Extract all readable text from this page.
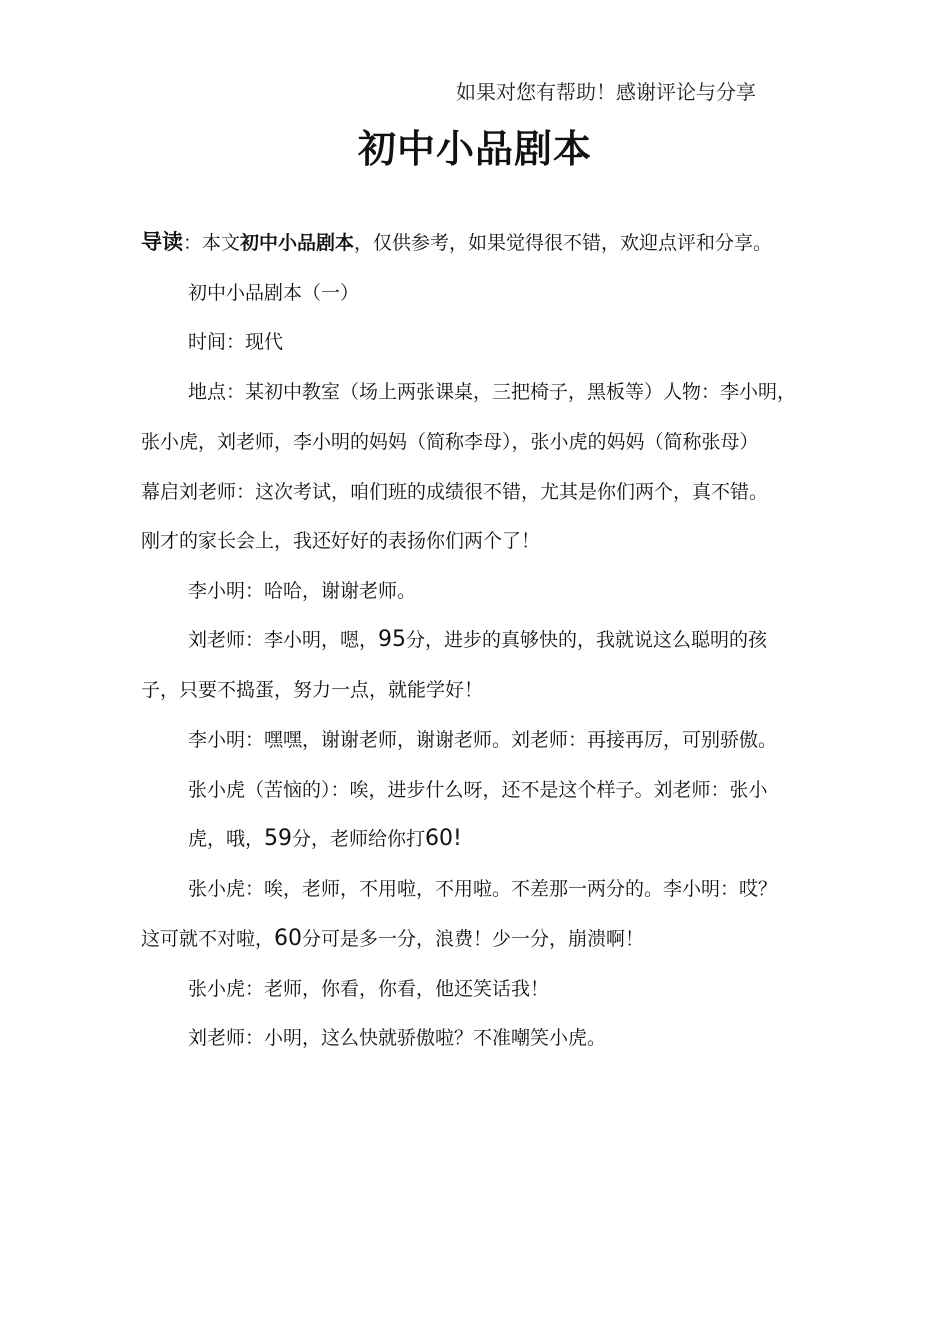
如果对您有帮助！感谢评论与分享
初中小品剧本
导读：本文初中小品剧本，仅供参考，如果觉得很不错，欢迎点评和分享。
初中小品剧本（一）
时间：现代
地点：某初中教室（场上两张课桌，三把椅子，黑板等）人物：李小明，
张小虎，刘老师，李小明的妈妈（简称李母），张小虎的妈妈（简称张母）
幕启刘老师：这次考试，咱们班的成绩很不错，尤其是你们两个，真不错。
刚才的家长会上，我还好好的表扬你们两个了！
李小明：哈哈，谢谢老师。
刘老师：李小明，嗯，95分，进步的真够快的，我就说这么聪明的孩
子，只要不捣蛋，努力一点，就能学好！
李小明：嘿嘿，谢谢老师，谢谢老师。刘老师：再接再厉，可别骄傲。
张小虎（苦恼的）：唉，进步什么呀，还不是这个样子。刘老师：张小
虎，哦，59分，老师给你打60!
张小虎：唉，老师，不用啦，不用啦。不差那一两分的。李小明：哎？
这可就不对啦，60分可是多一分，浪费！少一分，崩溃啊！
张小虎：老师，你看，你看，他还笑话我！
刘老师：小明，这么快就骄傲啦？不准嘲笑小虎。
